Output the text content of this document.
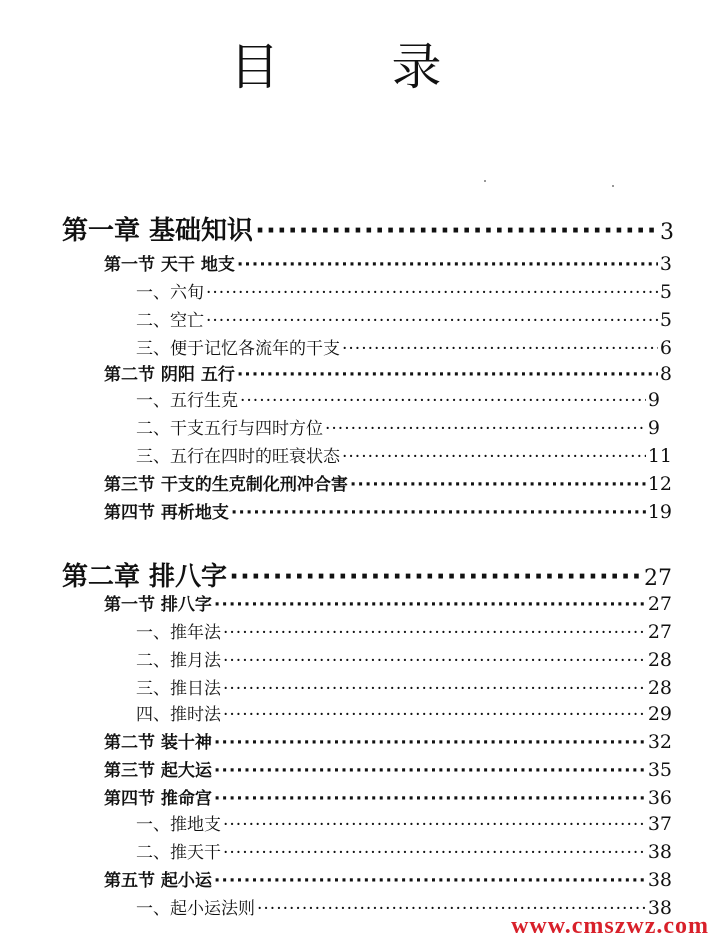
目 录
第一章 基础知识 ·····	3
第一节 天干 地支 ·····	3
一、六旬 ·····	5
二、空亡 ·····	5
三、便于记忆各流年的干支 ·····	6
第二节 阴阳 五行 ·····	8
一、五行生克 ·····	9
二、干支五行与四时方位 ·····	9
三、五行在四时的旺衰状态 ·····	11
第三节 干支的生克制化刑冲合害 ·····	12
第四节 再析地支 ·····	19
第二章 排八字 ·····	27
第一节 排八字 ·····	27
一、推年法 ·····	27
二、推月法 ·····	28
三、推日法 ·····	28
四、推时法 ·····	29
第二节 装十神 ·····	32
第三节 起大运 ·····	35
第四节 推命宫 ·····	36
一、推地支 ·····	37
二、推天干 ·····	38
第五节 起小运 ·····	38
一、起小运法则 ·····	38
www.cmszwz.com
